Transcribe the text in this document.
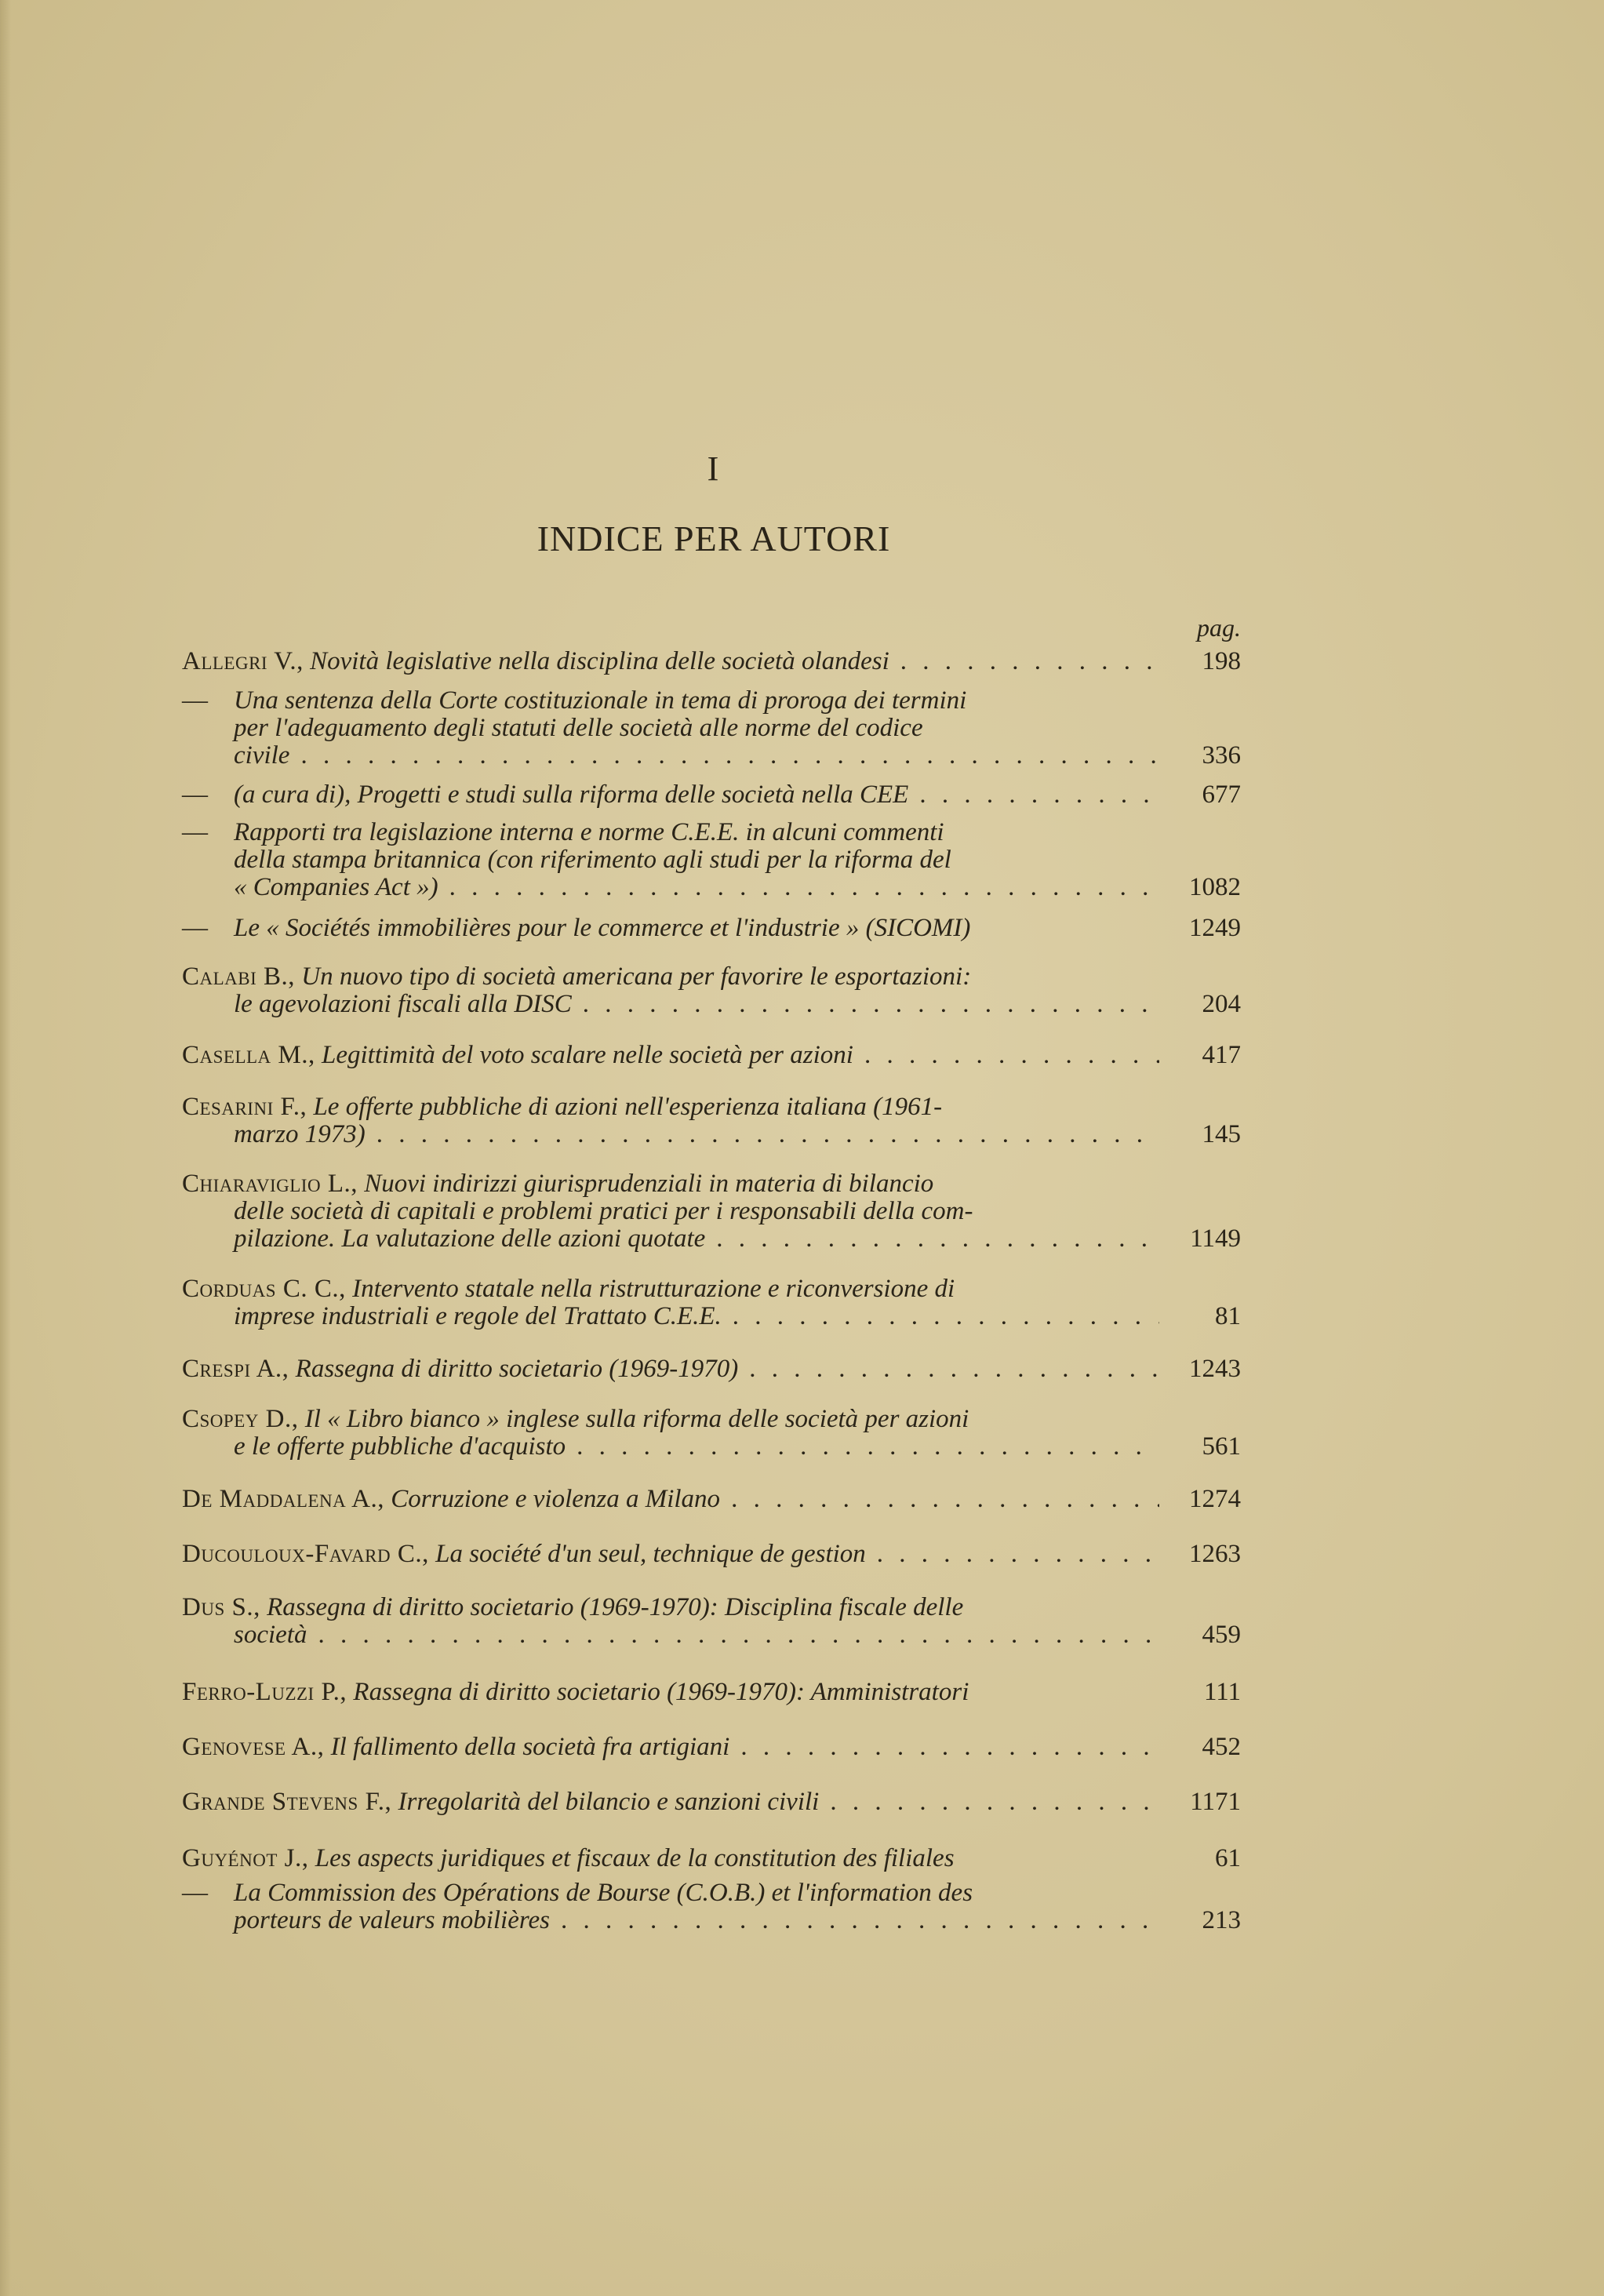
I
INDICE PER AUTORI
pag.
Allegri V.,
Novità legislative nella disciplina delle società olandesi . . .	198
—	Una sentenza della Corte costituzionale in tema di proroga dei termini
per l'adeguamento degli statuti delle società alle norme del codice
civile . . .	336
—	(a cura di), Progetti e studi sulla riforma delle società nella CEE . . .	677
—	Rapporti tra legislazione interna e norme C.E.E. in alcuni commenti
della stampa britannica (con riferimento agli studi per la riforma del
« Companies Act ») . . .	1082
—	Le « Sociétés immobilières pour le commerce et l'industrie » (SICOMI)	1249
Calabi B.,
Un nuovo tipo di società americana per favorire le esportazioni:
le agevolazioni fiscali alla DISC . . .	204
Casella M.,
Legittimità del voto scalare nelle società per azioni . . .	417
Cesarini F.,
Le offerte pubbliche di azioni nell'esperienza italiana (1961-
marzo 1973) . . .	145
Chiaraviglio L.,
Nuovi indirizzi giurisprudenziali in materia di bilancio
delle società di capitali e problemi pratici per i responsabili della com-
pilazione. La valutazione delle azioni quotate . . .	1149
Corduas C. C.,
Intervento statale nella ristrutturazione e riconversione di
imprese industriali e regole del Trattato C.E.E. . . .	81
Crespi A.,
Rassegna di diritto societario (1969-1970) . . .	1243
Csopey D.,
Il « Libro bianco » inglese sulla riforma delle società per azioni
e le offerte pubbliche d'acquisto . . .	561
De Maddalena A.,
Corruzione e violenza a Milano . . .	1274
Ducouloux-Favard C.,
La société d'un seul, technique de gestion . . .	1263
Dus S.,
Rassegna di diritto societario (1969-1970): Disciplina fiscale delle
società . . .	459
Ferro-Luzzi P.,
Rassegna di diritto societario (1969-1970): Amministratori	111
Genovese A.,
Il fallimento della società fra artigiani . . .	452
Grande Stevens F.,
Irregolarità del bilancio e sanzioni civili . . .	1171
Guyénot J.,
Les aspects juridiques et fiscaux de la constitution des filiales	61
—	La Commission des Opérations de Bourse (C.O.B.) et l'information des
porteurs de valeurs mobilières . . .	213
